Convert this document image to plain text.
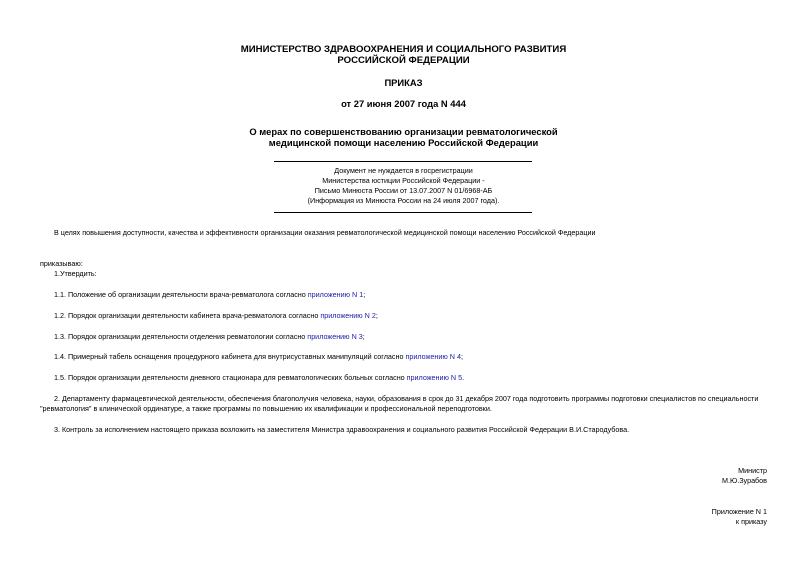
МИНИСТЕРСТВО ЗДРАВООХРАНЕНИЯ И СОЦИАЛЬНОГО РАЗВИТИЯ
РОССИЙСКОЙ ФЕДЕРАЦИИ
ПРИКАЗ
от 27 июня 2007 года N 444
О мерах по совершенствованию организации ревматологической
медицинской помощи населению Российской Федерации
Документ не нуждается в госрегистрации
Министерства юстиции Российской Федерации -
Письмо Минюста России от 13.07.2007 N 01/6968-АБ
(Информация из Минюста России на 24 июля 2007 года).
В целях повышения доступности, качества и эффективности организации оказания ревматологической медицинской помощи населению Российской Федерации
приказываю:
1.Утвердить:
1.1. Положение об организации деятельности врача-ревматолога согласно приложению N 1;
1.2. Порядок организации деятельности кабинета врача-ревматолога согласно приложению N 2;
1.3. Порядок организации деятельности отделения ревматологии согласно приложению N 3;
1.4. Примерный табель оснащения процедурного кабинета для внутрисуставных манипуляций согласно приложению N 4;
1.5. Порядок организации деятельности дневного стационара для ревматологических больных согласно приложению N 5.
2. Департаменту фармацевтической деятельности, обеспечения благополучия человека, науки, образования в срок до 31 декабря 2007 года подготовить программы подготовки специалистов по специальности "ревматология" в клинической ординатуре, а также программы по повышению их квалификации и профессиональной переподготовки.
3. Контроль за исполнением настоящего приказа возложить на заместителя Министра здравоохранения и социального развития Российской Федерации В.И.Стародубова.
Министр
М.Ю.Зурабов
Приложение N 1
к приказу
